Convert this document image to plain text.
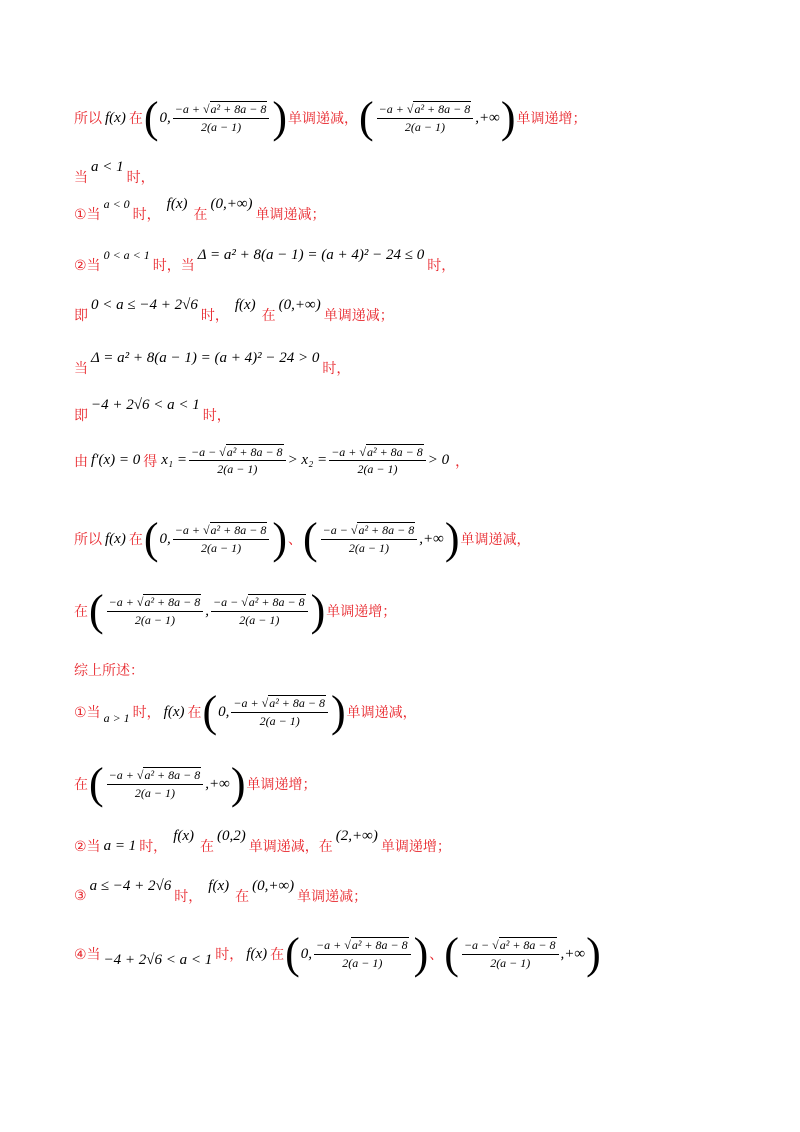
所以 f(x) 在 ( 0, $\frac{\text{−a + √a² + 8a − 8}}{2(a - 1)}$ ) 单调递减， ( $\frac{\text{−a + √a² + 8a − 8}}{2(a - 1)}$ ,+∞ ) 单调递增；
当
a < 1
时，
①当
a < 0
时，
f(x)
在
(0,+∞)
单调递减；
②当
0 < a < 1
时，当
Δ = a² + 8(a − 1) = (a + 4)² − 24 ≤ 0
时，
即
0 < a ≤ −4 + 2√6
时，
f(x)
在
(0,+∞)
单调递减；
当
Δ = a² + 8(a − 1) = (a + 4)² − 24 > 0
时，
即
−4 + 2√6 < a < 1
时，
由 f′(x) = 0 得 $x_1 = \frac{\text{−a − √a² + 8a − 8}}{2(a - 1)} > x_2 = \frac{\text{−a + √a² + 8a − 8}}{2(a - 1)} > 0$ ，
所以 f(x) 在 ( 0, $\frac{\text{−a + √a² + 8a − 8}}{2(a - 1)}$ ) 、 ( $\frac{\text{−a − √a² + 8a − 8}}{2(a - 1)}$ ,+∞ ) 单调递减，
在 ( $\frac{\text{−a + √a² + 8a − 8}}{2(a - 1)}$ , $\frac{\text{−a − √a² + 8a − 8}}{2(a - 1)}$ ) 单调递增；
综上所述：
①当 a > 1 时， f(x) 在 ( 0, $\frac{\text{−a + √a² + 8a − 8}}{2(a - 1)}$ ) 单调递减，
在 ( $\frac{\text{−a + √a² + 8a − 8}}{2(a - 1)}$ ,+∞ ) 单调递增；
②当 a = 1 时，
f(x)
在
(0,2)
单调递减，在
(2,+∞)
单调递增；
③
a ≤ −4 + 2√6
时，
f(x)
在
(0,+∞)
单调递减；
④当 −4 + 2√6 < a < 1 时， f(x) 在 ( 0, $\frac{\text{−a + √a² + 8a − 8}}{2(a - 1)}$ ) 、 ( $\frac{\text{−a − √a² + 8a − 8}}{2(a - 1)}$ ,+∞ )
